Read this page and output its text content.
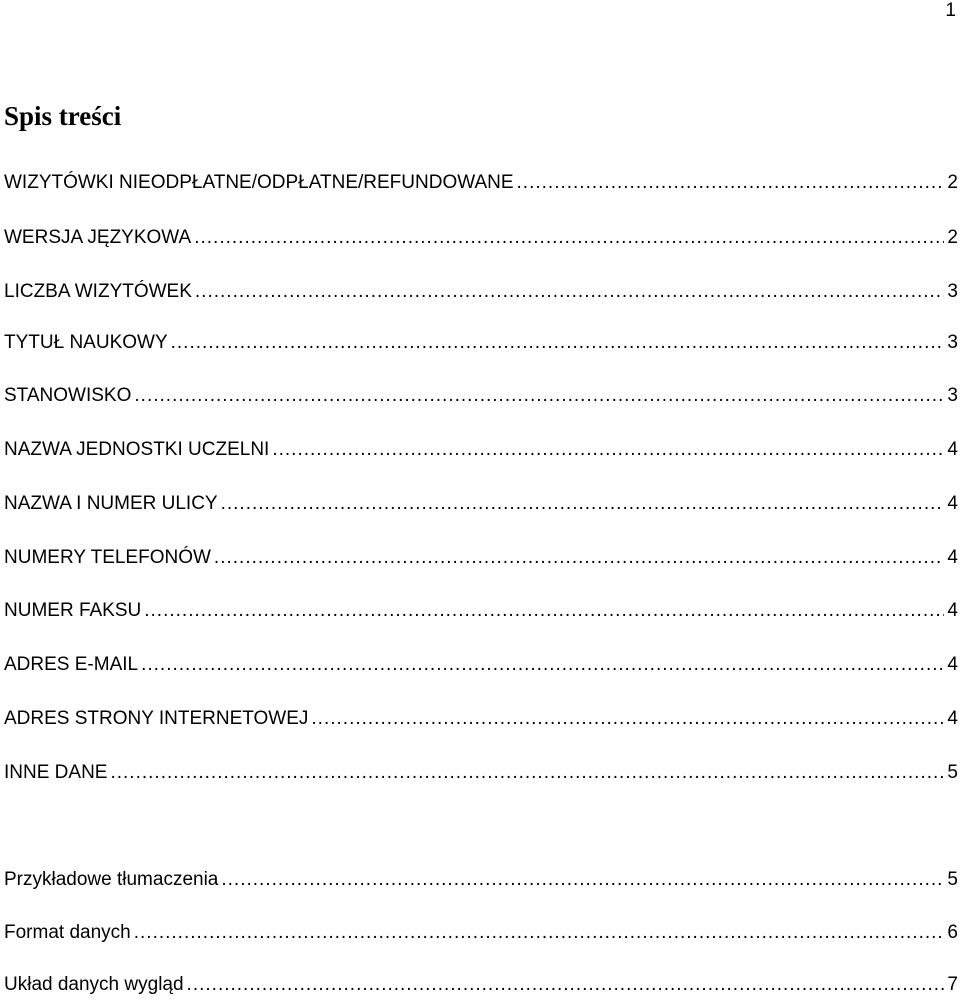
1
Spis treści
WIZYTÓWKI NIEODPŁATNE/ODPŁATNE/REFUNDOWANE .....	2
WERSJA JĘZYKOWA .....	2
LICZBA WIZYTÓWEK .....	3
TYTUŁ NAUKOWY .....	3
STANOWISKO .....	3
NAZWA JEDNOSTKI UCZELNI .....	4
NAZWA I NUMER ULICY .....	4
NUMERY TELEFONÓW .....	4
NUMER FAKSU .....	4
ADRES E-MAIL .....	4
ADRES STRONY INTERNETOWEJ .....	4
INNE DANE .....	5
Przykładowe tłumaczenia .....	5
Format danych .....	6
Układ danych wygląd .....	7
